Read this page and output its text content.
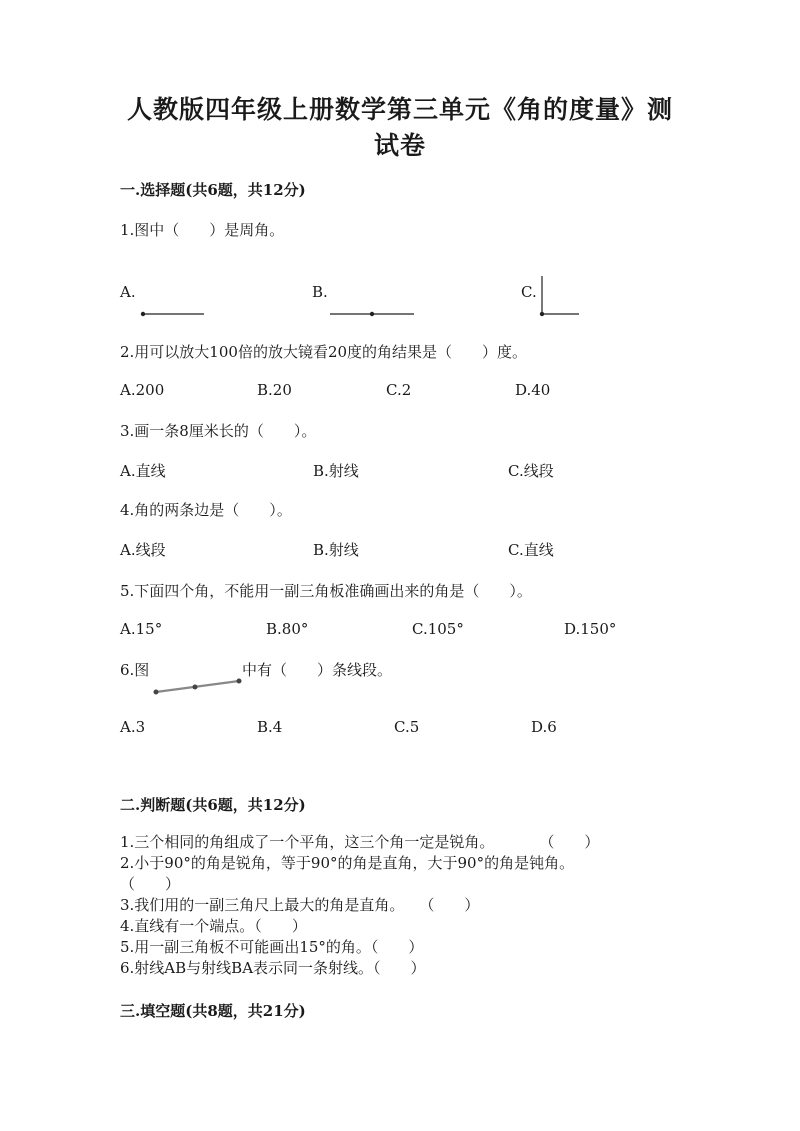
人教版四年级上册数学第三单元《角的度量》测试卷
一.选择题(共6题，共12分)
1.图中（　　）是周角。
A.	B.	C.
2.用可以放大100倍的放大镜看20度的角结果是（　　）度。
A.200	B.20	C.2	D.40
3.画一条8厘米长的（　　）。
A.直线	B.射线	C.线段
4.角的两条边是（　　）。
A.线段	B.射线	C.直线
5.下面四个角，不能用一副三角板准确画出来的角是（　　）。
A.15°	B.80°	C.105°	D.150°
6.图	中有（　　）条线段。
A.3	B.4	C.5	D.6
二.判断题(共6题，共12分)
1.三个相同的角组成了一个平角，这三个角一定是锐角。　　　　（　　）
2.小于90°的角是锐角，等于90°的角是直角，大于90°的角是钝角。
（　　）
3.我们用的一副三角尺上最大的角是直角。　　（　　）
4.直线有一个端点。（　　）
5.用一副三角板不可能画出15°的角。（　　）
6.射线AB与射线BA表示同一条射线。（　　）
三.填空题(共8题，共21分)
